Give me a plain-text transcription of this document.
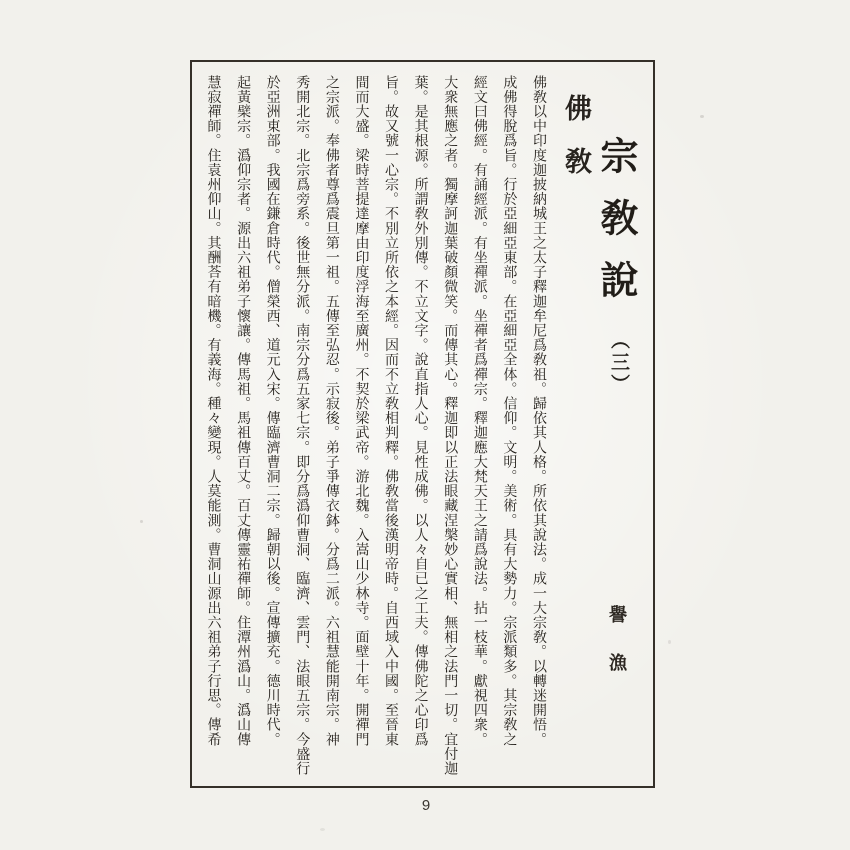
佛敎 宗敎說
（三）
譽漁
佛敎以中印度迦披納城王之太子釋迦牟尼爲敎祖。歸依其人格。所依其說法。成一大宗敎。以轉迷開悟。
成佛得脫爲旨。行於亞細亞東部。在亞細亞全体。信仰。文明。美術。具有大勢力。宗派類多。其宗敎之
經文曰佛經。有誦經派。有坐禪派。坐禪者爲禪宗。釋迦應大梵天王之請爲說法。拈一枝華。獻視四衆。
大衆無應之者。獨摩訶迦葉破顏微笑。而傳其心。釋迦即以正法眼藏涅槃妙心實相、無相之法門一切。宜付迦
葉。是其根源。所謂敎外別傳。不立文字。說直指人心。見性成佛。以人々自已之工夫。傳佛陀之心印爲
旨。故又號一心宗。不別立所依之本經。因而不立敎相判釋。佛敎當後漢明帝時。自西域入中國。至晉東
間而大盛。梁時菩提達摩由印度浮海至廣州。不契於梁武帝。游北魏。入嵩山少林寺。面壁十年。開禪門
之宗派。奉佛者尊爲震旦第一祖。五傳至弘忍。示寂後。弟子爭傳衣鉢。分爲二派。六祖慧能開南宗。神
秀開北宗。北宗爲旁系。後世無分派。南宗分爲五家七宗。即分爲潙仰曹洞、臨濟、雲門、法眼五宗。今盛行
於亞洲東部。我國在鎌倉時代。僧榮西、道元入宋。傳臨濟曹洞二宗。歸朝以後。宣傳擴充。德川時代。
起黃檗宗。潙仰宗者。源出六祖弟子懷讓。傳馬祖。馬祖傳百丈。百丈傳靈祐禪師。住潭州潙山。潙山傳
慧寂禪師。住袁州仰山。其酬荅有暗機。有義海。種々變現。人莫能測。曹洞山源出六祖弟子行思。傳希
9
